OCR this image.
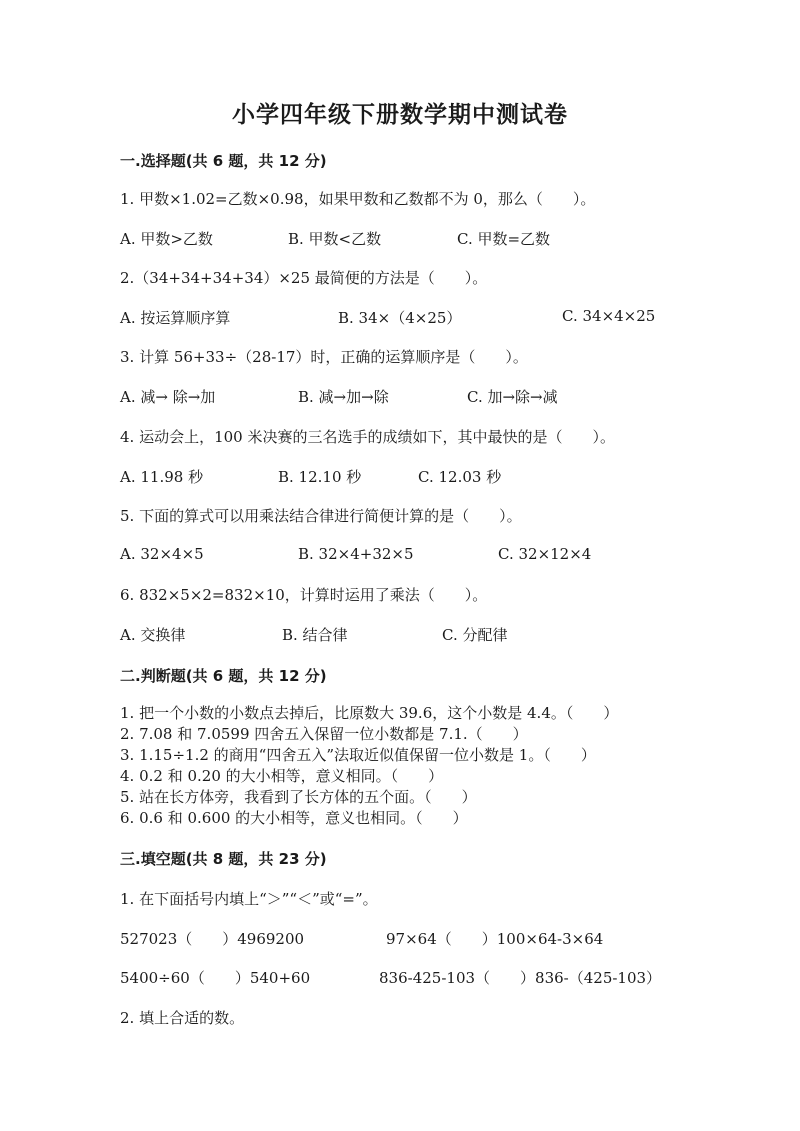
小学四年级下册数学期中测试卷
一.选择题(共 6 题，共 12 分)
1. 甲数×1.02=乙数×0.98，如果甲数和乙数都不为 0，那么（　　）。
A. 甲数>乙数	B. 甲数<乙数	C. 甲数=乙数
2.（34+34+34+34）×25 最简便的方法是（　　）。
A. 按运算顺序算	B. 34×（4×25）	C. 34×4×25
3. 计算 56+33÷（28-17）时，正确的运算顺序是（　　）。
A. 减→ 除→加	B. 减→加→除	C. 加→除→减
4. 运动会上，100 米决赛的三名选手的成绩如下，其中最快的是（　　）。
A. 11.98 秒	B. 12.10 秒	C. 12.03 秒
5. 下面的算式可以用乘法结合律进行简便计算的是（　　）。
A. 32×4×5	B. 32×4+32×5	C. 32×12×4
6. 832×5×2=832×10，计算时运用了乘法（　　）。
A. 交换律	B. 结合律	C. 分配律
二.判断题(共 6 题，共 12 分)
1. 把一个小数的小数点去掉后，比原数大 39.6，这个小数是 4.4。（　　）
2. 7.08 和 7.0599 四舍五入保留一位小数都是 7.1.（　　）
3. 1.15÷1.2 的商用“四舍五入”法取近似值保留一位小数是 1。（　　）
4. 0.2 和 0.20 的大小相等，意义相同。（　　）
5. 站在长方体旁，我看到了长方体的五个面。（　　）
6. 0.6 和 0.600 的大小相等，意义也相同。（　　）
三.填空题(共 8 题，共 23 分)
1. 在下面括号内填上“＞”“＜”或“=”。
527023（　　）4969200	97×64（　　）100×64-3×64
5400÷60（　　）540+60	836-425-103（　　）836-（425-103）
2. 填上合适的数。
